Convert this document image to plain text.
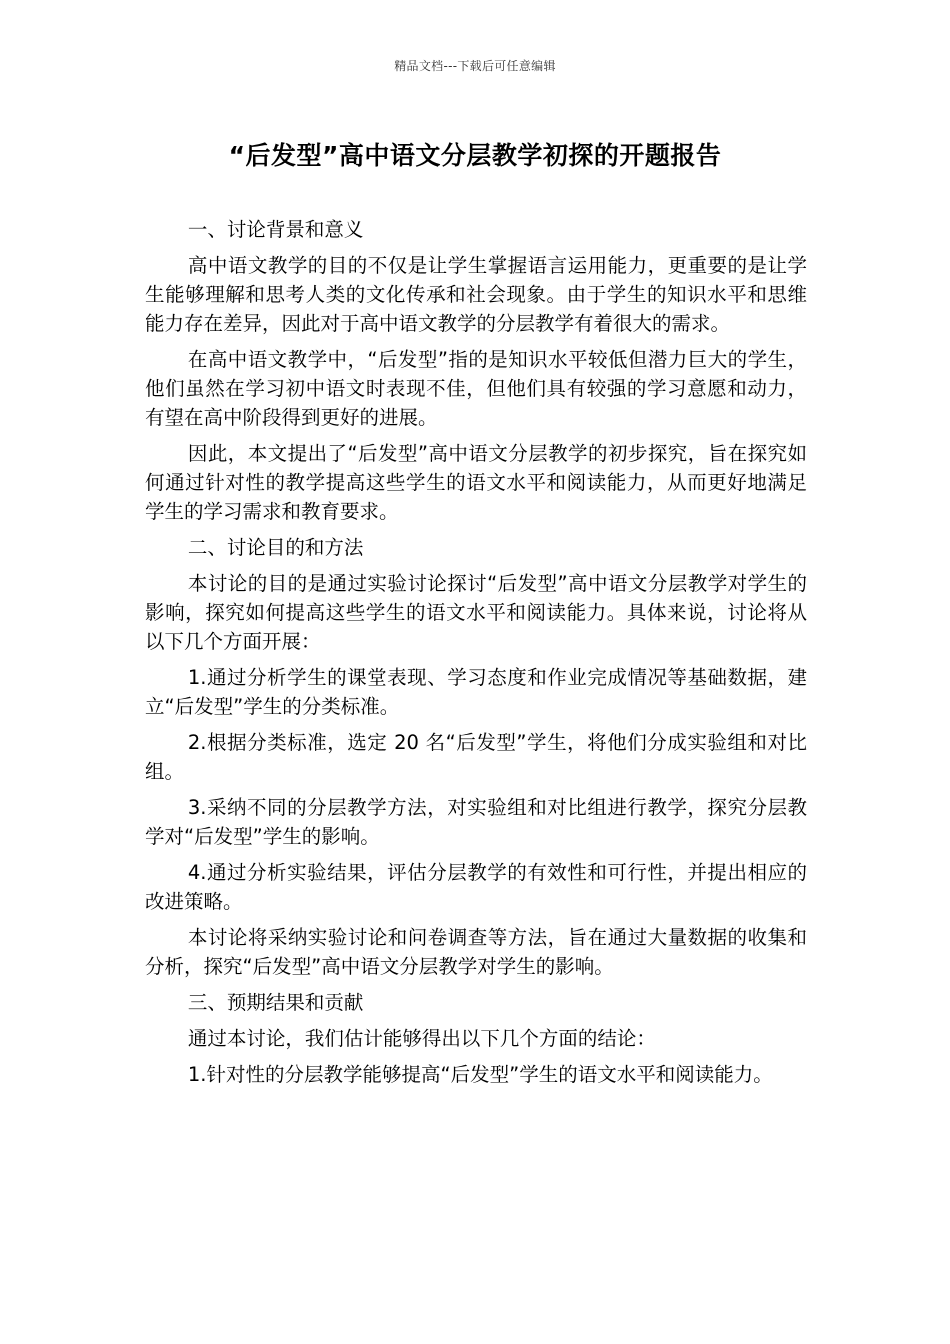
精品文档---下载后可任意编辑
“后发型”高中语文分层教学初探的开题报告

一、讨论背景和意义

高中语文教学的目的不仅是让学生掌握语言运用能力，更重要的是让学生能够理解和思考人类的文化传承和社会现象。由于学生的知识水平和思维能力存在差异，因此对于高中语文教学的分层教学有着很大的需求。

在高中语文教学中，“后发型”指的是知识水平较低但潜力巨大的学生，他们虽然在学习初中语文时表现不佳，但他们具有较强的学习意愿和动力，有望在高中阶段得到更好的进展。

因此，本文提出了“后发型”高中语文分层教学的初步探究，旨在探究如何通过针对性的教学提高这些学生的语文水平和阅读能力，从而更好地满足学生的学习需求和教育要求。

二、讨论目的和方法

本讨论的目的是通过实验讨论探讨“后发型”高中语文分层教学对学生的影响，探究如何提高这些学生的语文水平和阅读能力。具体来说，讨论将从以下几个方面开展：

1.通过分析学生的课堂表现、学习态度和作业完成情况等基础数据，建立“后发型”学生的分类标准。

2.根据分类标准，选定 20 名“后发型”学生，将他们分成实验组和对比组。

3.采纳不同的分层教学方法，对实验组和对比组进行教学，探究分层教学对“后发型”学生的影响。

4.通过分析实验结果，评估分层教学的有效性和可行性，并提出相应的改进策略。

本讨论将采纳实验讨论和问卷调查等方法，旨在通过大量数据的收集和分析，探究“后发型”高中语文分层教学对学生的影响。

三、预期结果和贡献

通过本讨论，我们估计能够得出以下几个方面的结论：

1.针对性的分层教学能够提高“后发型”学生的语文水平和阅读能力。
